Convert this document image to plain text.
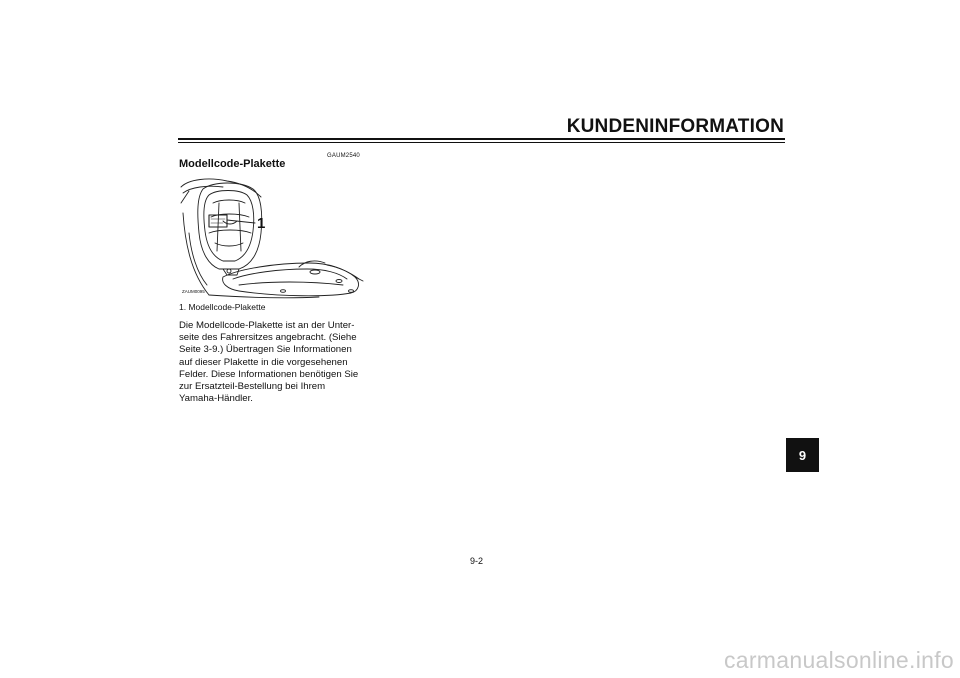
KUNDENINFORMATION
GAUM2540
Modellcode-Plakette
1
ZAUM0095
1. Modellcode-Plakette
Die Modellcode-Plakette ist an der Unter-
seite des Fahrersitzes angebracht. (Siehe
Seite 3-9.) Übertragen Sie Informationen
auf dieser Plakette in die vorgesehenen
Felder. Diese Informationen benötigen Sie
zur Ersatzteil-Bestellung bei Ihrem
Yamaha-Händler.
9
9-2
carmanualsonline.info
